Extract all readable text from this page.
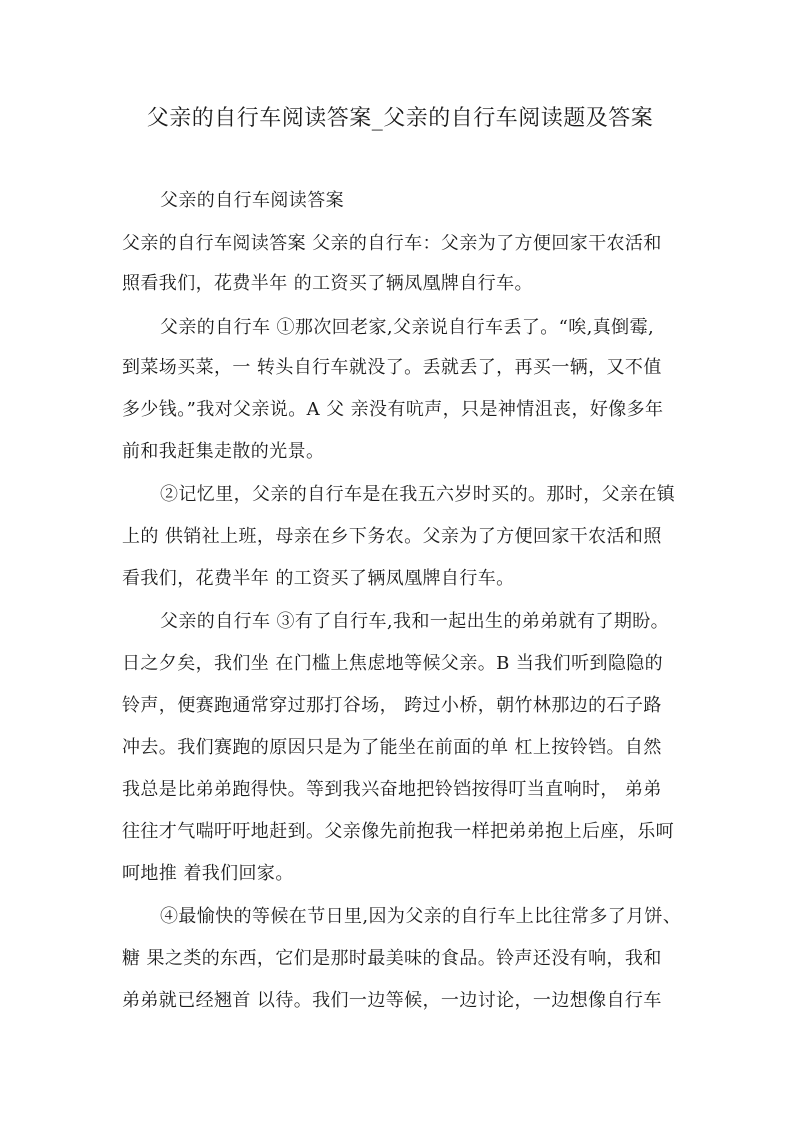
父亲的自行车阅读答案_父亲的自行车阅读题及答案
父亲的自行车阅读答案
父亲的自行车阅读答案 父亲的自行车：父亲为了方便回家干农活和
照看我们，花费半年 的工资买了辆凤凰牌自行车。
父亲的自行车 ①那次回老家,父亲说自行车丢了。“唉,真倒霉,
到菜场买菜，一 转头自行车就没了。丢就丢了，再买一辆，又不值
多少钱。”我对父亲说。A 父 亲没有吭声，只是神情沮丧，好像多年
前和我赶集走散的光景。
②记忆里，父亲的自行车是在我五六岁时买的。那时，父亲在镇
上的 供销社上班，母亲在乡下务农。父亲为了方便回家干农活和照
看我们，花费半年 的工资买了辆凤凰牌自行车。
父亲的自行车 ③有了自行车,我和一起出生的弟弟就有了期盼。
日之夕矣，我们坐 在门槛上焦虑地等候父亲。B 当我们听到隐隐的
铃声，便赛跑通常穿过那打谷场， 跨过小桥，朝竹林那边的石子路
冲去。我们赛跑的原因只是为了能坐在前面的单 杠上按铃铛。自然
我总是比弟弟跑得快。等到我兴奋地把铃铛按得叮当直响时， 弟弟
往往才气喘吁吁地赶到。父亲像先前抱我一样把弟弟抱上后座，乐呵
呵地推 着我们回家。
④最愉快的等候在节日里,因为父亲的自行车上比往常多了月饼、
糖 果之类的东西，它们是那时最美味的食品。铃声还没有响，我和
弟弟就已经翘首 以待。我们一边等候，一边讨论，一边想像自行车
